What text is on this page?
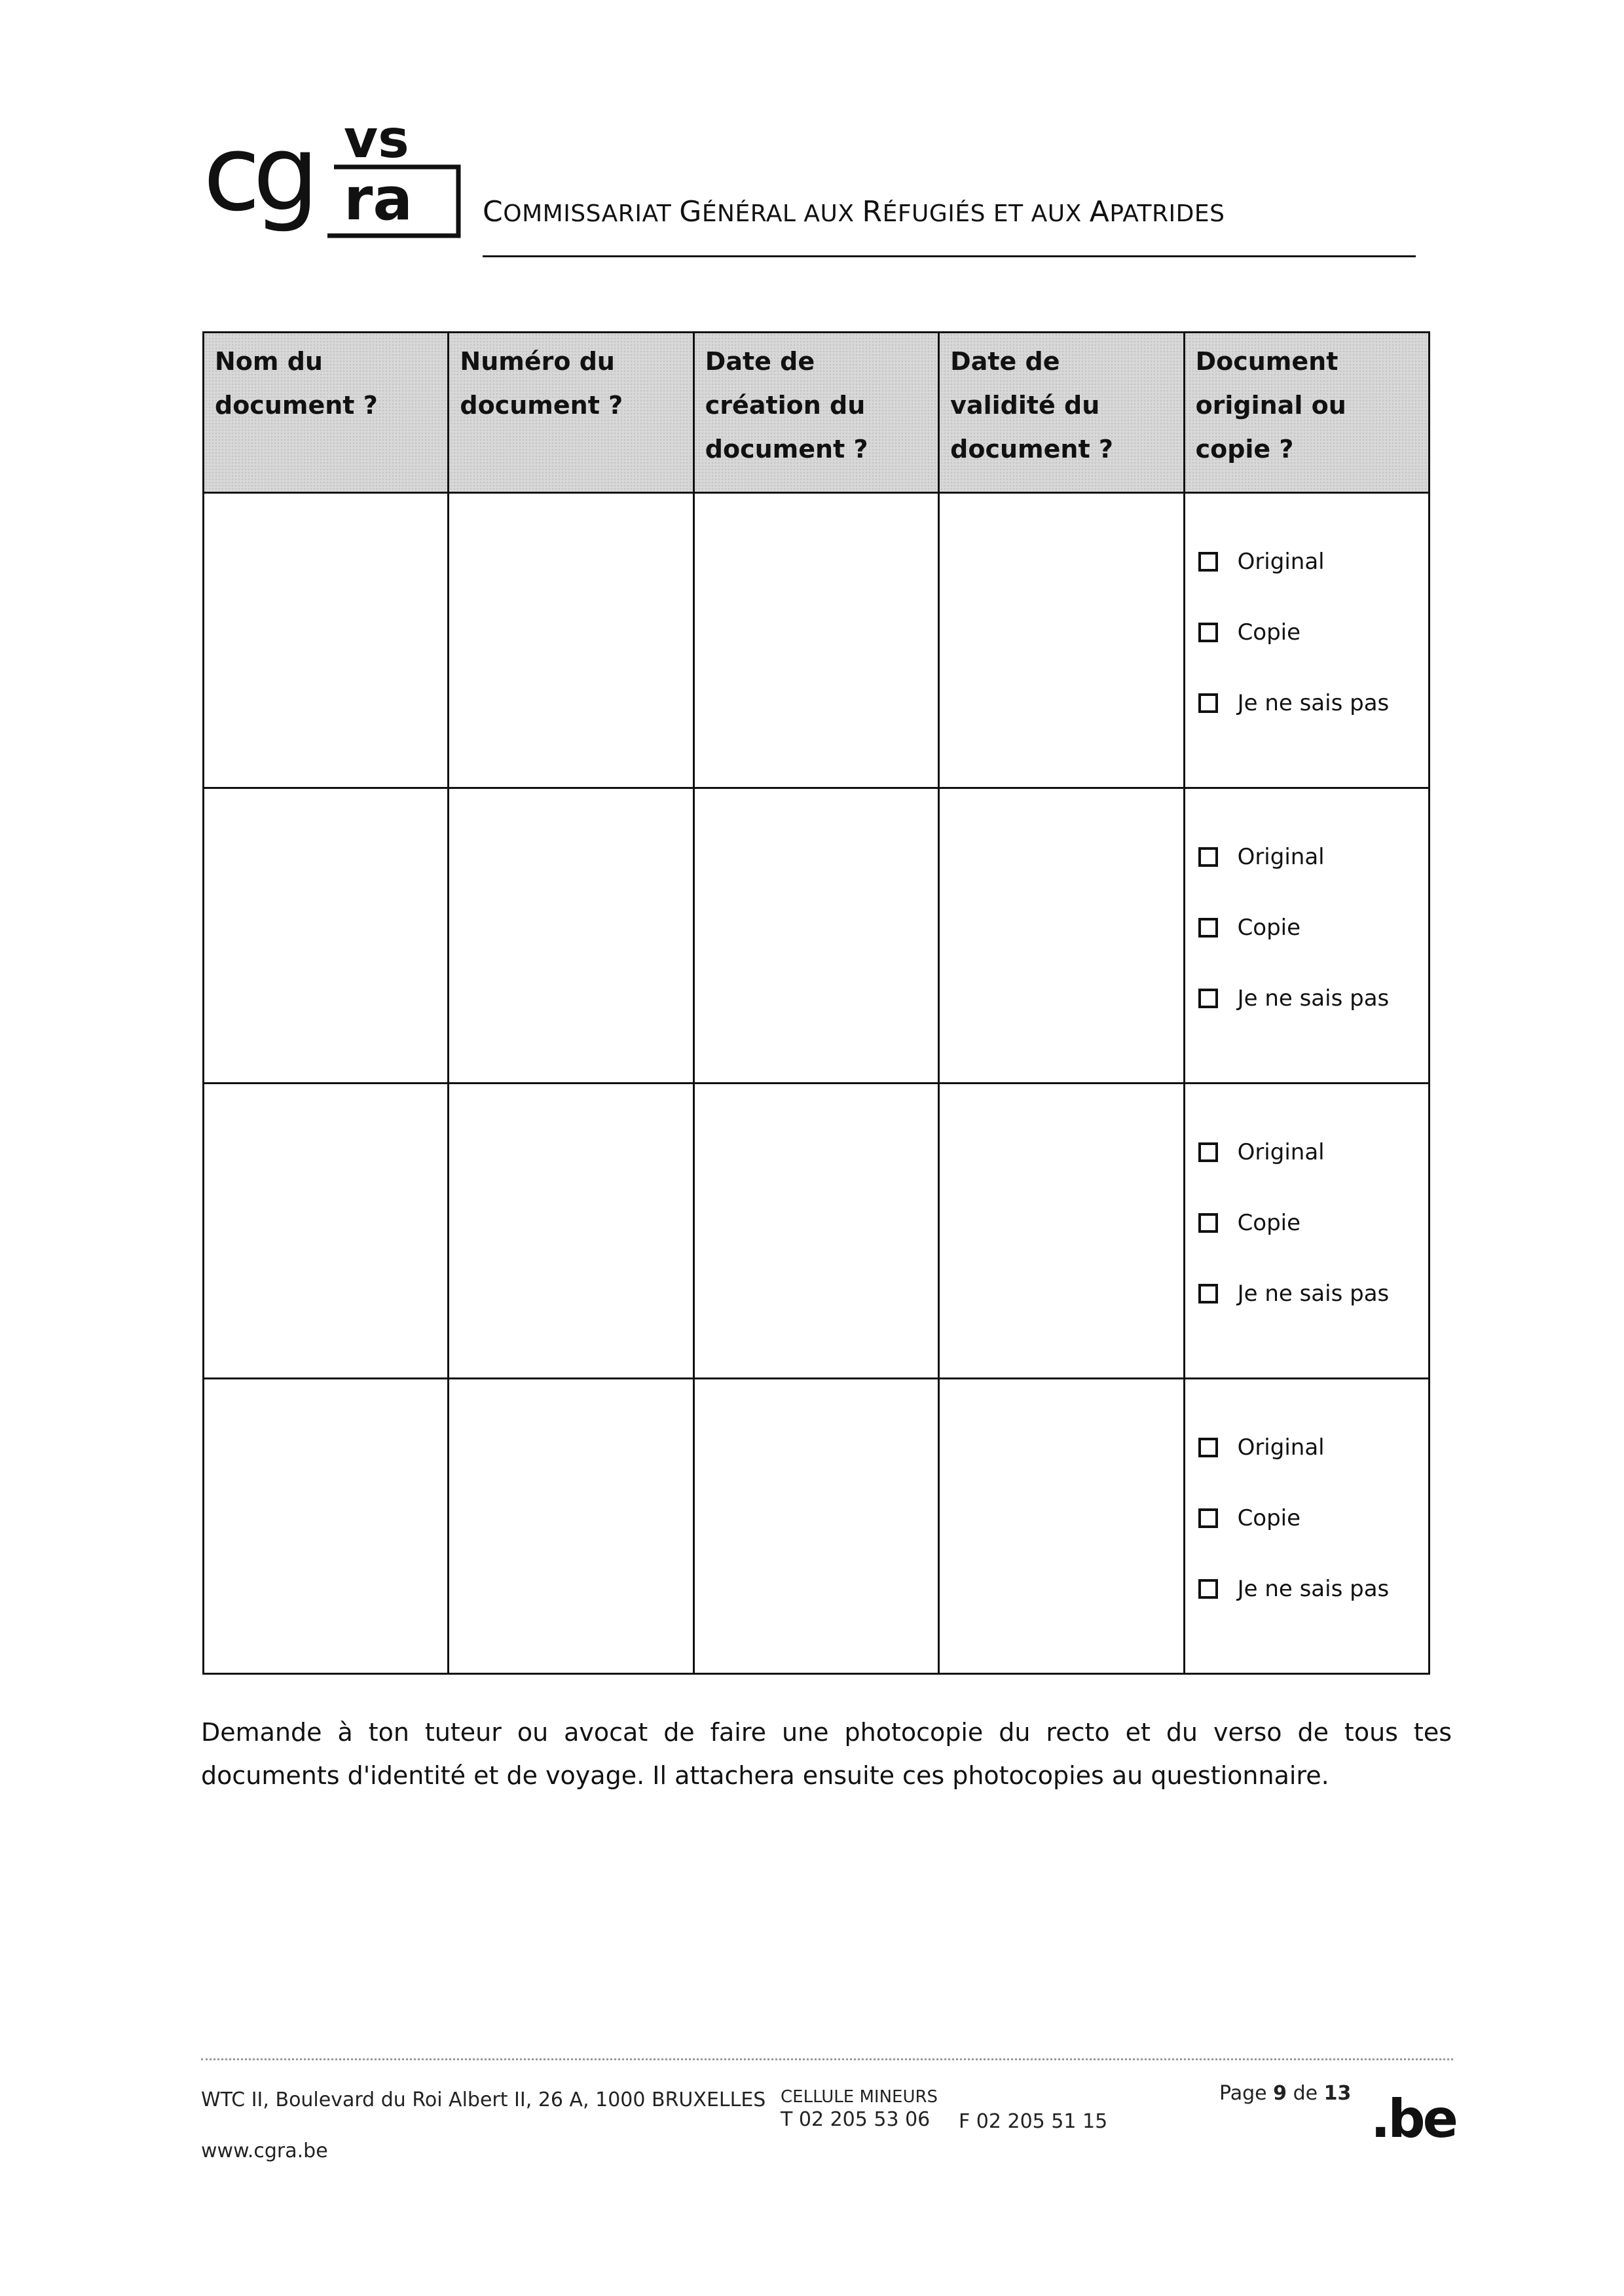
cg vs
ra COMMISSARIAT GÉNÉRAL AUX RÉFUGIÉS ET AUX APATRIDES
Nom du document ?	Numéro du document ?	Date de création du document ?	Date de validité du document ?	Document original ou copie ?

				Original
Copie
Je ne sais pas

				Original
Copie
Je ne sais pas

				Original
Copie
Je ne sais pas

				Original
Copie
Je ne sais pas
Demande à ton tuteur ou avocat de faire une photocopie du recto et du verso de tous tes documents d'identité et de voyage. Il attachera ensuite ces photocopies au questionnaire.
WTC II, Boulevard du Roi Albert II, 26 A, 1000 BRUXELLES
www.cgra.be
CELLULE MINEURS
T 02 205 53 06 F 02 205 51 15
Page 9 de 13 .be
